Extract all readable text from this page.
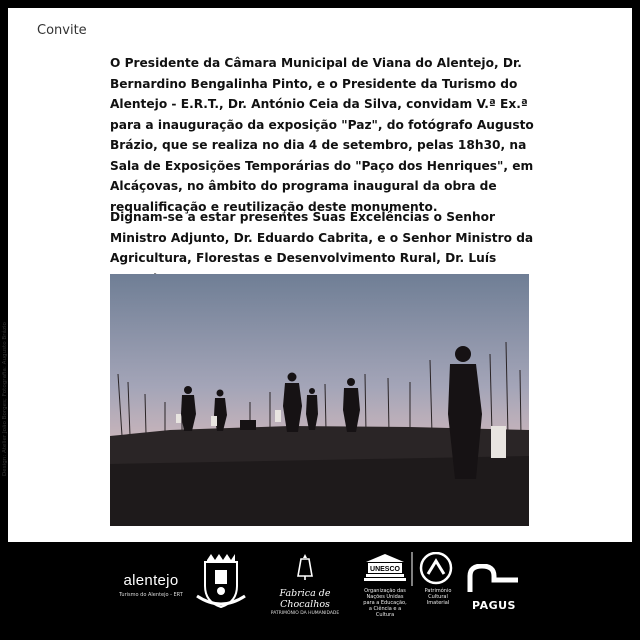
Convite

O Presidente da Câmara Municipal de Viana do Alentejo, Dr. Bernardino Bengalinha Pinto, e o Presidente da Turismo do Alentejo - E.R.T., Dr. António Ceia da Silva, convidam V.ª Ex.ª para a inauguração da exposição "Paz", do fotógrafo Augusto Brázio, que se realiza no dia 4 de setembro, pelas 18h30, na Sala de Exposições Temporárias do "Paço dos Henriques", em Alcáçovas, no âmbito do programa inaugural da obra de requalificação e reutilização deste monumento.

Dignam-se a estar presentes Suas Excelências o Senhor Ministro Adjunto, Dr. Eduardo Cabrita, e o Senhor Ministro da Agricultura, Florestas e Desenvolvimento Rural, Dr. Luís

Design: Atelier João Borges; Fotografia: Augusto Brázio
alentejo
Turismo do Alentejo - ERT	Fabrica de Chocalhos
PATRIMÓNIO DA HUMANIDADE
UNESCO
Organização das Nações Unidas para a Educação, a Ciência e a Cultura
Património Cultural Imaterial	PAGUS
